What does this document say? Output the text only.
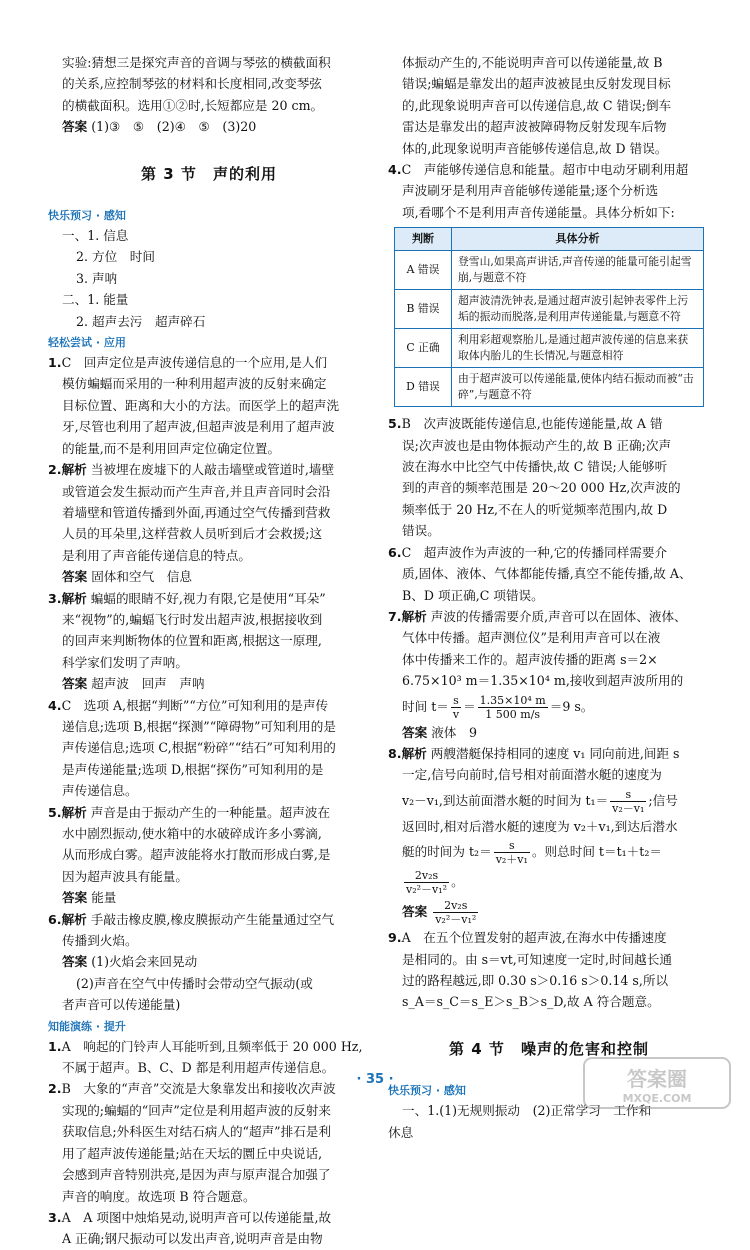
实验:猜想三是探究声音的音调与琴弦的横截面积

的关系,应控制琴弦的材料和长度相同,改变琴弦

的横截面积。选用①②时,长短都应是 20 cm。

答案 (1)③　⑤　(2)④　⑤　(3)20

第 3 节 声的利用
快乐预习 · 感知

一、1. 信息

2. 方位　时间

3. 声呐

二、1. 能量

2. 超声去污　超声碎石

轻松尝试 · 应用

1.C　回声定位是声波传递信息的一个应用,是人们

模仿蝙蝠而采用的一种利用超声波的反射来确定

目标位置、距离和大小的方法。而医学上的超声洗

牙,尽管也利用了超声波,但超声波是利用了超声波

的能量,而不是利用回声定位确定位置。

2.解析 当被埋在废墟下的人敲击墙壁或管道时,墙壁

或管道会发生振动而产生声音,并且声音同时会沿

着墙壁和管道传播到外面,再通过空气传播到营救

人员的耳朵里,这样营救人员听到后才会救援;这

是利用了声音能传递信息的特点。

答案 固体和空气　信息

3.解析 蝙蝠的眼睛不好,视力有限,它是使用“耳朵”

来“视物”的,蝙蝠飞行时发出超声波,根据接收到

的回声来判断物体的位置和距离,根据这一原理,

科学家们发明了声呐。

答案 超声波　回声　声呐

4.C　选项 A,根据“判断”“方位”可知利用的是声传

递信息;选项 B,根据“探测”“障碍物”可知利用的是

声传递信息;选项 C,根据“粉碎”“结石”可知利用的

是声传递能量;选项 D,根据“探伤”可知利用的是

声传递信息。

5.解析 声音是由于振动产生的一种能量。超声波在

水中剧烈振动,使水箱中的水破碎成许多小雾滴,

从而形成白雾。超声波能将水打散而形成白雾,是

因为超声波具有能量。

答案 能量

6.解析 手敲击橡皮膜,橡皮膜振动产生能量通过空气

传播到火焰。

答案 (1)火焰会来回晃动

(2)声音在空气中传播时会带动空气振动(或

者声音可以传递能量)

知能演练 · 提升

1.A　响起的门铃声人耳能听到,且频率低于 20 000 Hz,

不属于超声。B、C、D 都是利用超声传递信息。

2.B　大象的“声音”交流是大象靠发出和接收次声波

实现的;蝙蝠的“回声”定位是利用超声波的反射来

获取信息;外科医生对结石病人的“超声”排石是利

用了超声波传递能量;站在天坛的圜丘中央说话,

会感到声音特别洪亮,是因为声与原声混合加强了

声音的响度。故选项 B 符合题意。

3.A　A 项图中烛焰晃动,说明声音可以传递能量,故

A 正确;钢尺振动可以发出声音,说明声音是由物

体振动产生的,不能说明声音可以传递能量,故 B

错误;蝙蝠是靠发出的超声波被昆虫反射发现目标

的,此现象说明声音可以传递信息,故 C 错误;倒车

雷达是靠发出的超声波被障碍物反射发现车后物

体的,此现象说明声音能够传递信息,故 D 错误。

4.C　声能够传递信息和能量。超市中电动牙刷利用超

声波刷牙是利用声音能够传递能量;逐个分析选

项,看哪个不是利用声音传递能量。具体分析如下:

判断	具体分析
A 错误	登雪山,如果高声讲话,声音传递的能量可能引起雪崩,与题意不符
B 错误	超声波清洗钟表,是通过超声波引起钟表零件上污垢的振动而脱落,是利用声传递能量,与题意不符
C 正确	利用彩超观察胎儿,是通过超声波传递的信息来获取体内胎儿的生长情况,与题意相符
D 错误	由于超声波可以传递能量,使体内结石振动而被“击碎”,与题意不符

5.B　次声波既能传递信息,也能传递能量,故 A 错

误;次声波也是由物体振动产生的,故 B 正确;次声

波在海水中比空气中传播快,故 C 错误;人能够听

到的声音的频率范围是 20～20 000 Hz,次声波的

频率低于 20 Hz,不在人的听觉频率范围内,故 D

错误。

6.C　超声波作为声波的一种,它的传播同样需要介

质,固体、液体、气体都能传播,真空不能传播,故 A、

B、D 项正确,C 项错误。

7.解析 声波的传播需要介质,声音可以在固体、液体、

气体中传播。超声测位仪”是利用声音可以在液

体中传播来工作的。超声波传播的距离 s＝2×

6.75×10³ m＝1.35×10⁴ m,接收到超声波所用的

时间 $t= \frac{s}{v} = \frac{\text{1.35×10⁴ m}}{1 500 m/s} =9$ s。

答案 液体　9

8.解析 两艘潜艇保持相同的速度 v₁ 同向前进,间距 s

一定,信号向前时,信号相对前面潜水艇的速度为

v₂－v₁,到达前面潜水艇的时间为 $t_1= \frac{s}{\text{v₂－v₁}}$ ;信号

返回时,相对后潜水艇的速度为 v₂＋v₁,到达后潜水

艇的时间为 $t_2= \frac{s}{\text{v₂＋v₁}}$ 。则总时间 t＝t₁＋t₂＝

$\frac{\text{2v₂s}}{\text{v₂²－v₁²}}$ 。

答案 $\frac{\text{2v₂s}}{\text{v₂²－v₁²}}$

9.A　在五个位置发射的超声波,在海水中传播速度

是相同的。由 s＝vt,可知速度一定时,时间越长通

过的路程越远,即 0.30 s＞0.16 s＞0.14 s,所以

s_A＝s_C＝s_E＞s_B＞s_D,故 A 符合题意。

第 4 节 噪声的危害和控制
快乐预习 · 感知

一、1.(1)无规则振动　(2)正常学习　工作和

休息

· 35 ·	答案圈
MXQE.COM
